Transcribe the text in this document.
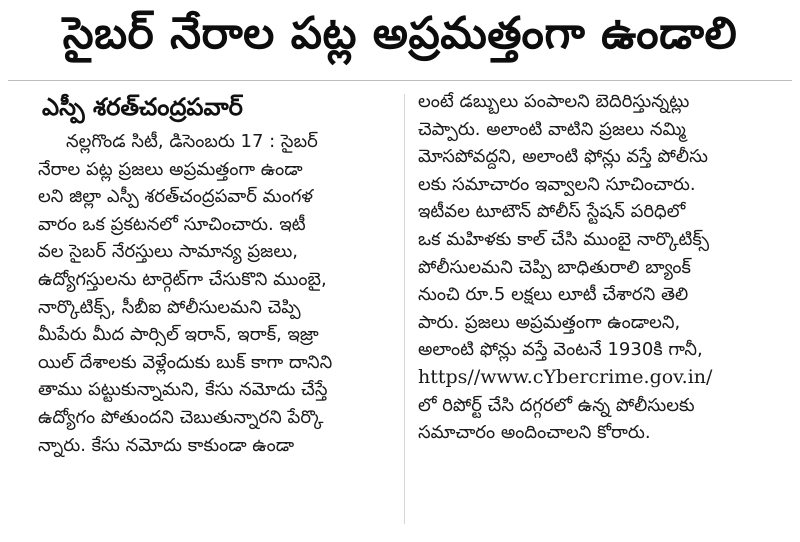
సైబర్ నేరాల పట్ల అప్రమత్తంగా ఉండాలి
ఎస్పీ శరత్‌చంద్రపవార్
నల్లగొండ సిటీ, డిసెంబరు 17 : సైబర్
నేరాల పట్ల ప్రజలు అప్రమత్తంగా ఉండా
లని జిల్లా ఎస్పీ శరత్‌చంద్రపవార్ మంగళ
వారం ఒక ప్రకటనలో సూచించారు. ఇటీ
వల సైబర్ నేరస్తులు సామాన్య ప్రజలు,
ఉద్యోగస్తులను టార్గెట్‌గా చేసుకొని ముంబై,
నార్కొటిక్స్, సీబీఐ పోలీసులమని చెప్పి
మీపేరు మీద పార్సిల్ ఇరాన్, ఇరాక్, ఇజ్రా
యిల్ దేశాలకు వెళ్లేందుకు బుక్ కాగా దానిని
తాము పట్టుకున్నామని, కేసు నమోదు చేస్తే
ఉద్యోగం పోతుందని చెబుతున్నారని పేర్కొ
న్నారు. కేసు నమోదు కాకుండా ఉండా
లంటే డబ్బులు పంపాలని బెదిరిస్తున్నట్లు
చెప్పారు. అలాంటి వాటిని ప్రజలు నమ్మి
మోసపోవద్దని, అలాంటి ఫోన్లు వస్తే పోలీసు
లకు సమాచారం ఇవ్వాలని సూచించారు.
ఇటీవల టూటౌన్ పోలీస్ స్టేషన్ పరిధిలో
ఒక మహిళకు కాల్ చేసి ముంబై నార్కొటిక్స్
పోలీసులమని చెప్పి బాధితురాలి బ్యాంక్
నుంచి రూ.5 లక్షలు లూటీ చేశారని తెలి
పారు. ప్రజలు అప్రమత్తంగా ఉండాలని,
అలాంటి ఫోన్లు వస్తే వెంటనే 1930కి గానీ,
https//www.cYbercrime.gov.in/
లో రిపోర్ట్ చేసి దగ్గరలో ఉన్న పోలీసులకు
సమాచారం అందించాలని కోరారు.
